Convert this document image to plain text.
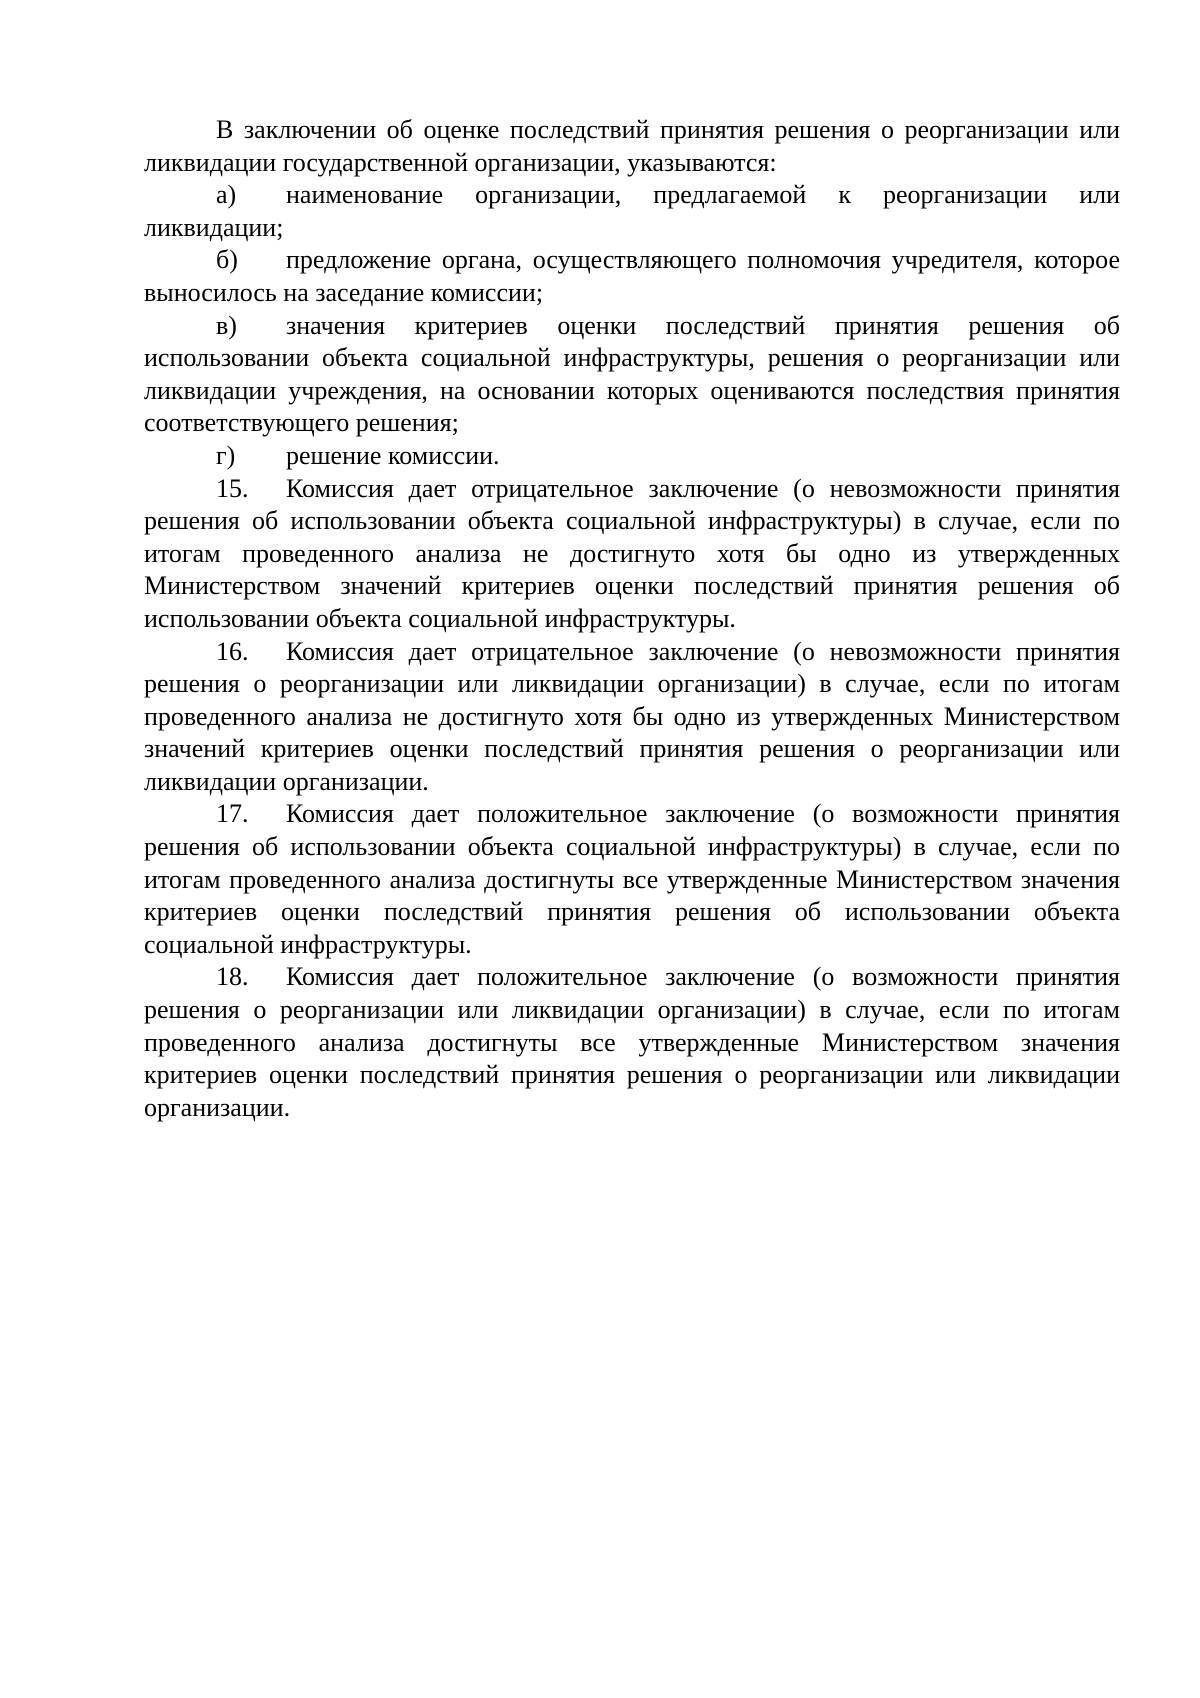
В заключении об оценке последствий принятия решения о реорганизации или ликвидации государственной организации, указываются:

а) наименование организации, предлагаемой к реорганизации или ликвидации;

б) предложение органа, осуществляющего полномочия учредителя, которое выносилось на заседание комиссии;

в) значения критериев оценки последствий принятия решения об использовании объекта социальной инфраструктуры, решения о реорганизации или ликвидации учреждения, на основании которых оцениваются последствия принятия соответствующего решения;

г) решение комиссии.

15. Комиссия дает отрицательное заключение (о невозможности принятия решения об использовании объекта социальной инфраструктуры) в случае, если по итогам проведенного анализа не достигнуто хотя бы одно из утвержденных Министерством значений критериев оценки последствий принятия решения об использовании объекта социальной инфраструктуры.

16. Комиссия дает отрицательное заключение (о невозможности принятия решения о реорганизации или ликвидации организации) в случае, если по итогам проведенного анализа не достигнуто хотя бы одно из утвержденных Министерством значений критериев оценки последствий принятия решения о реорганизации или ликвидации организации.

17. Комиссия дает положительное заключение (о возможности принятия решения об использовании объекта социальной инфраструктуры) в случае, если по итогам проведенного анализа достигнуты все утвержденные Министерством значения критериев оценки последствий принятия решения об использовании объекта социальной инфраструктуры.

18. Комиссия дает положительное заключение (о возможности принятия решения о реорганизации или ликвидации организации) в случае, если по итогам проведенного анализа достигнуты все утвержденные Министерством значения критериев оценки последствий принятия решения о реорганизации или ликвидации организации.
